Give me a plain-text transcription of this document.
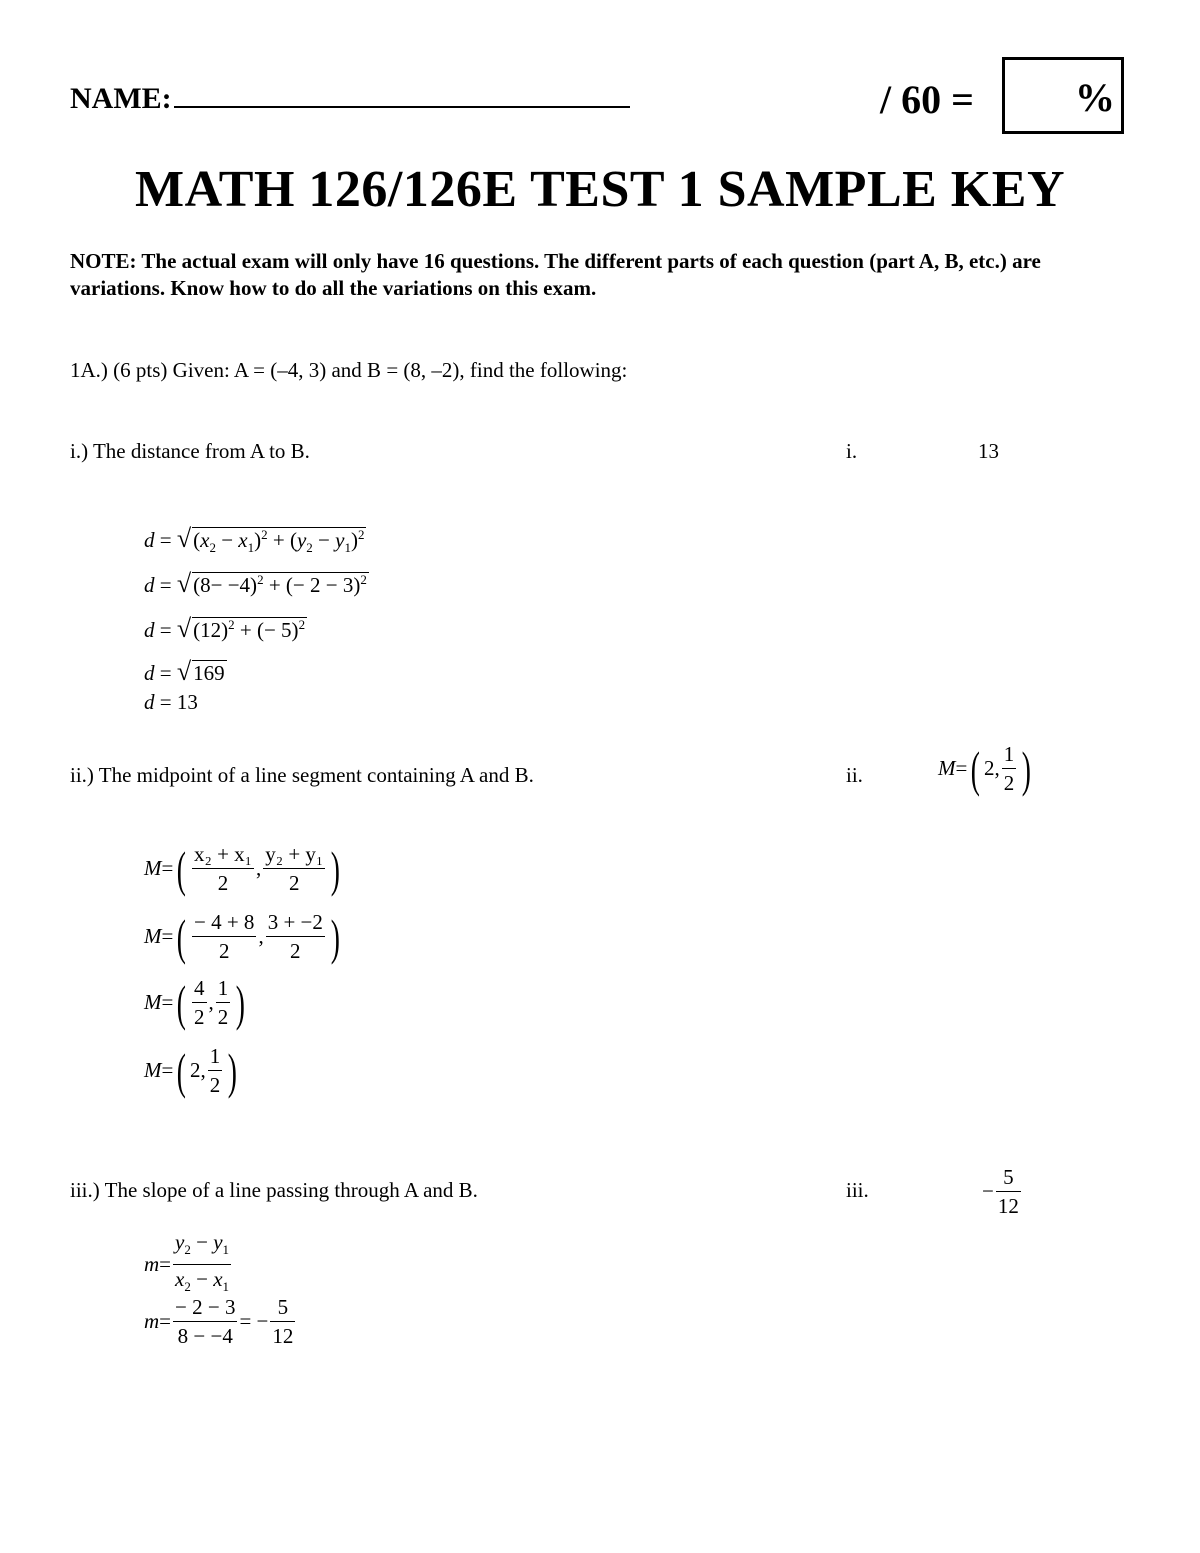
NAME:	/ 60 =	%
MATH 126/126E TEST 1 SAMPLE KEY
NOTE: The actual exam will only have 16 questions. The different parts of each question (part A, B, etc.) are variations. Know how to do all the variations on this exam.
1A.) (6 pts) Given: A = (–4, 3) and B = (8, –2), find the following:
i.) The distance from A to B.	i.	13
$d = √(x_2 - x_1)^2 + (y_2 - y_1)^2$
$d = √(8- -4)^2$ + (− 2 − 3)$^2$
$d = √(12)^2$ + (− 5)$^2$
d = √169
d = 13
ii.) The midpoint of a line segment containing A and B.	ii.	M = ( 2 , $\frac{1}{2}$ )
M = ( $\frac{\text{x₂ + x₁}}{2}$ , $\frac{\text{y₂ + y₁}}{2}$ )
M = ( $\frac{- 4 + 8}{2}$ , $\frac{3 + -2}{2}$ )
M = ( $\frac{4}{2}$ , $\frac{1}{2}$ )
M = ( 2 , $\frac{1}{2}$ )
iii.) The slope of a line passing through A and B.	iii.	− $\frac{5}{12}$
$m = \frac{y_2 - y_1}{x_2 - x_1}$
$m = \frac{- 2 - 3}{8 - -4}$ = − $\frac{5}{12}$
